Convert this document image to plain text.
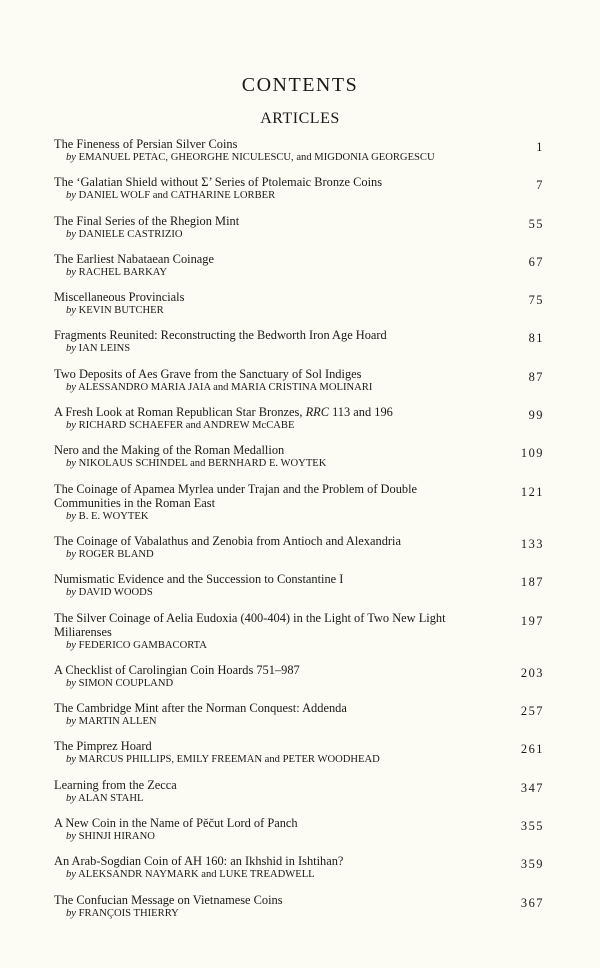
CONTENTS
ARTICLES
The Fineness of Persian Silver Coins
by EMANUEL PETAC, GHEORGHE NICULESCU, and MIGDONIA GEORGESCU
1
The ‘Galatian Shield without Σ’ Series of Ptolemaic Bronze Coins
by DANIEL WOLF and CATHARINE LORBER
7
The Final Series of the Rhegion Mint
by DANIELE CASTRIZIO
55
The Earliest Nabataean Coinage
by RACHEL BARKAY
67
Miscellaneous Provincials
by KEVIN BUTCHER
75
Fragments Reunited: Reconstructing the Bedworth Iron Age Hoard
by IAN LEINS
81
Two Deposits of Aes Grave from the Sanctuary of Sol Indiges
by ALESSANDRO MARIA JAIA and MARIA CRISTINA MOLINARI
87
A Fresh Look at Roman Republican Star Bronzes, RRC 113 and 196
by RICHARD SCHAEFER and ANDREW McCABE
99
Nero and the Making of the Roman Medallion
by NIKOLAUS SCHINDEL and BERNHARD E. WOYTEK
109
The Coinage of Apamea Myrlea under Trajan and the Problem of Double
Communities in the Roman East
by B. E. WOYTEK
121
The Coinage of Vabalathus and Zenobia from Antioch and Alexandria
by ROGER BLAND
133
Numismatic Evidence and the Succession to Constantine I
by DAVID WOODS
187
The Silver Coinage of Aelia Eudoxia (400-404) in the Light of Two New Light
Miliarenses
by FEDERICO GAMBACORTA
197
A Checklist of Carolingian Coin Hoards 751–987
by SIMON COUPLAND
203
The Cambridge Mint after the Norman Conquest: Addenda
by MARTIN ALLEN
257
The Pimprez Hoard
by MARCUS PHILLIPS, EMILY FREEMAN and PETER WOODHEAD
261
Learning from the Zecca
by ALAN STAHL
347
A New Coin in the Name of Pěčut Lord of Panch
by SHINJI HIRANO
355
An Arab-Sogdian Coin of AH 160: an Ikhshid in Ishtihan?
by ALEKSANDR NAYMARK and LUKE TREADWELL
359
The Confucian Message on Vietnamese Coins
by FRANÇOIS THIERRY
367
